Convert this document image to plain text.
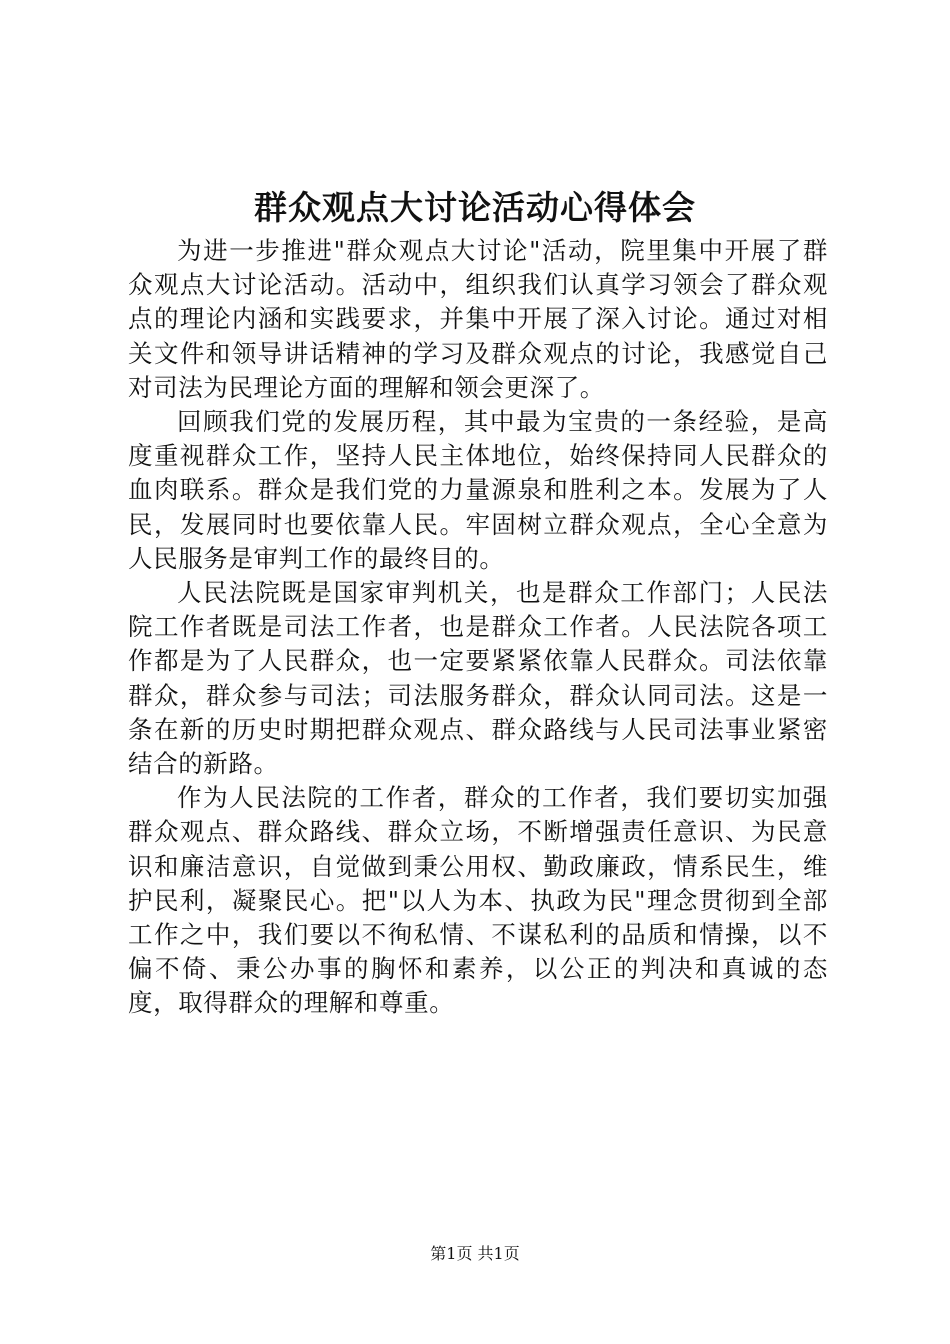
群众观点大讨论活动心得体会

为进一步推进"群众观点大讨论"活动，院里集中开展了群众观点大讨论活动。活动中，组织我们认真学习领会了群众观点的理论内涵和实践要求，并集中开展了深入讨论。通过对相关文件和领导讲话精神的学习及群众观点的讨论，我感觉自己对司法为民理论方面的理解和领会更深了。

回顾我们党的发展历程，其中最为宝贵的一条经验，是高度重视群众工作，坚持人民主体地位，始终保持同人民群众的血肉联系。群众是我们党的力量源泉和胜利之本。发展为了人民，发展同时也要依靠人民。牢固树立群众观点，全心全意为人民服务是审判工作的最终目的。

人民法院既是国家审判机关，也是群众工作部门；人民法院工作者既是司法工作者，也是群众工作者。人民法院各项工作都是为了人民群众，也一定要紧紧依靠人民群众。司法依靠群众，群众参与司法；司法服务群众，群众认同司法。这是一条在新的历史时期把群众观点、群众路线与人民司法事业紧密结合的新路。

作为人民法院的工作者，群众的工作者，我们要切实加强群众观点、群众路线、群众立场，不断增强责任意识、为民意识和廉洁意识，自觉做到秉公用权、勤政廉政，情系民生，维护民利，凝聚民心。把"以人为本、执政为民"理念贯彻到全部工作之中，我们要以不徇私情、不谋私利的品质和情操，以不偏不倚、秉公办事的胸怀和素养，以公正的判决和真诚的态度，取得群众的理解和尊重。

第1页 共1页
